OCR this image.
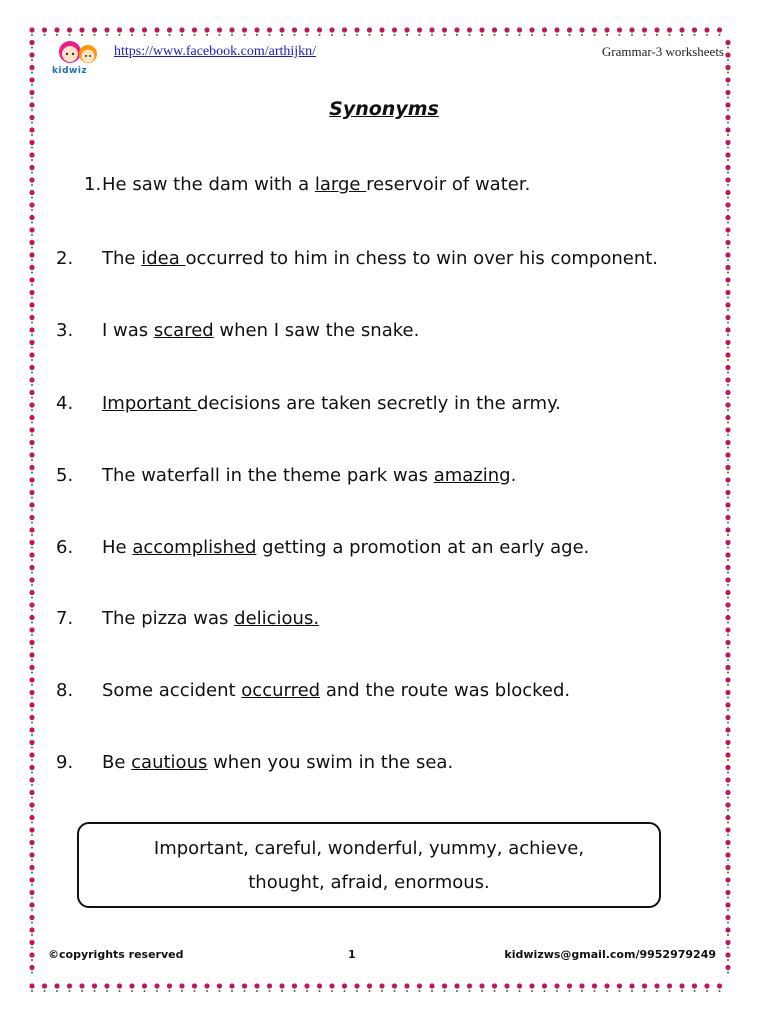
kidwiz
https://www.facebook.com/arthijkn/	Grammar-3 worksheets
Synonyms
1.He saw the dam with a large reservoir of water.
2. The idea occurred to him in chess to win over his component.
3. I was scared when I saw the snake.
4. Important decisions are taken secretly in the army.
5. The waterfall in the theme park was amazing.
6. He accomplished getting a promotion at an early age.
7. The pizza was delicious.
8. Some accident occurred and the route was blocked.
9. Be cautious when you swim in the sea.
Important, careful, wonderful, yummy, achieve,
thought, afraid, enormous.
©copyrights reserved	1	kidwizws@gmail.com/9952979249
